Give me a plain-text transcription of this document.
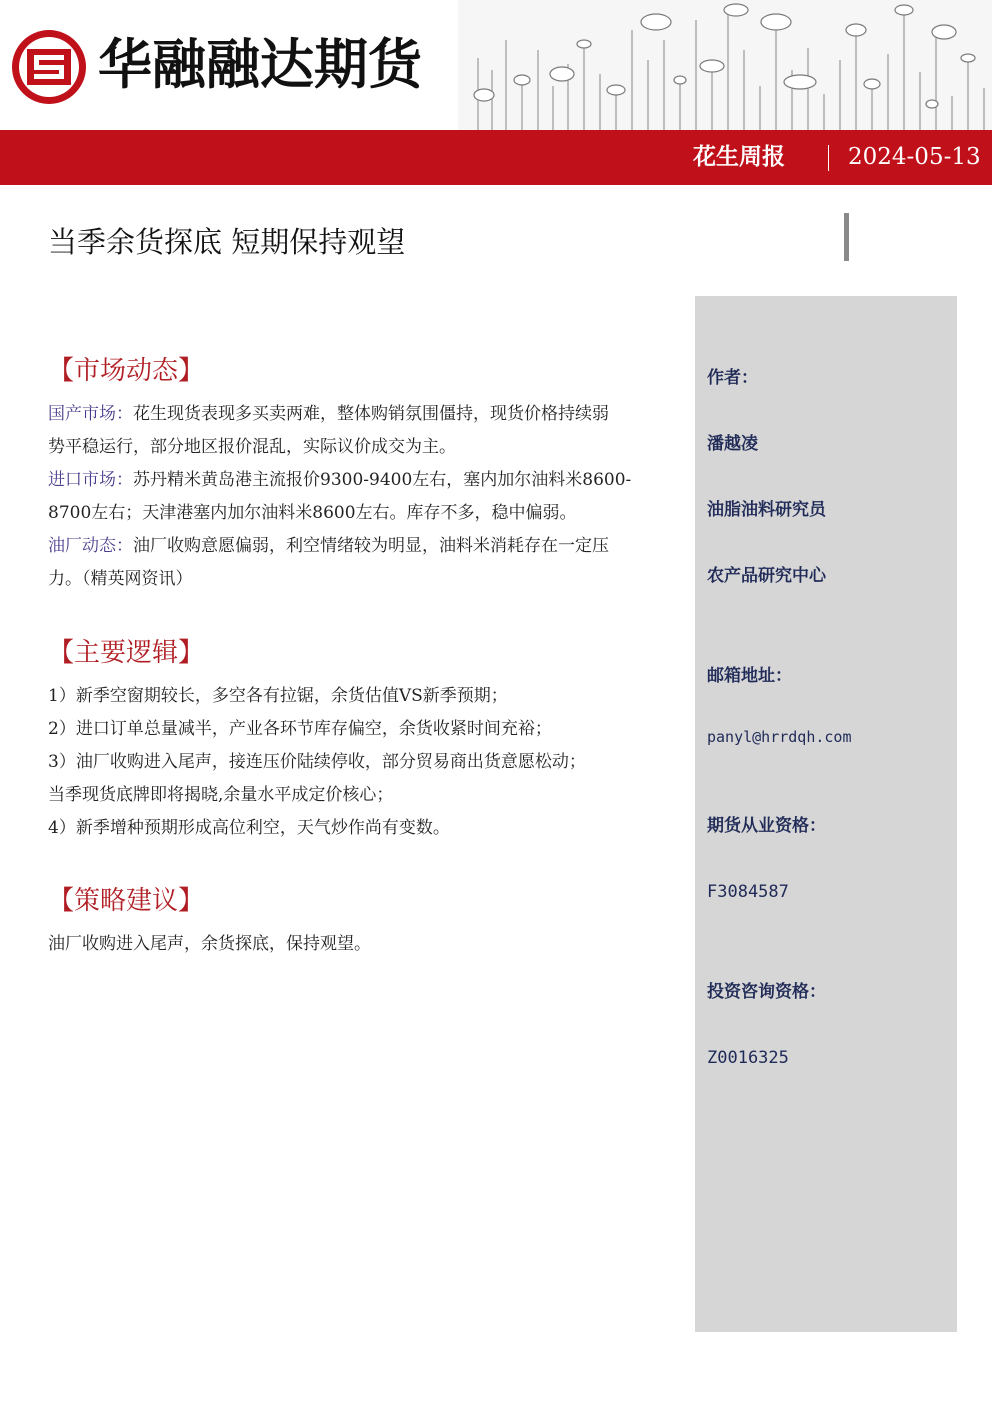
华融融达期货
花生周报	2024-05-13
当季余货探底 短期保持观望
作者：
潘越凌
油脂油料研究员
农产品研究中心
邮箱地址：
panyl@hrrdqh.com
期货从业资格：
F3084587
投资咨询资格：
Z0016325
【市场动态】
国产市场：花生现货表现多买卖两难，整体购销氛围僵持，现货价格持续弱
势平稳运行，部分地区报价混乱，实际议价成交为主。
进口市场：苏丹精米黄岛港主流报价9300-9400左右，塞内加尔油料米8600-
8700左右；天津港塞内加尔油料米8600左右。库存不多，稳中偏弱。
油厂动态：油厂收购意愿偏弱，利空情绪较为明显，油料米消耗存在一定压
力。（精英网资讯）
【主要逻辑】
1）新季空窗期较长，多空各有拉锯，余货估值VS新季预期；
2）进口订单总量减半，产业各环节库存偏空，余货收紧时间充裕；
3）油厂收购进入尾声，接连压价陆续停收，部分贸易商出货意愿松动；
当季现货底牌即将揭晓,余量水平成定价核心；
4）新季增种预期形成高位利空，天气炒作尚有变数。
【策略建议】
油厂收购进入尾声，余货探底，保持观望。
